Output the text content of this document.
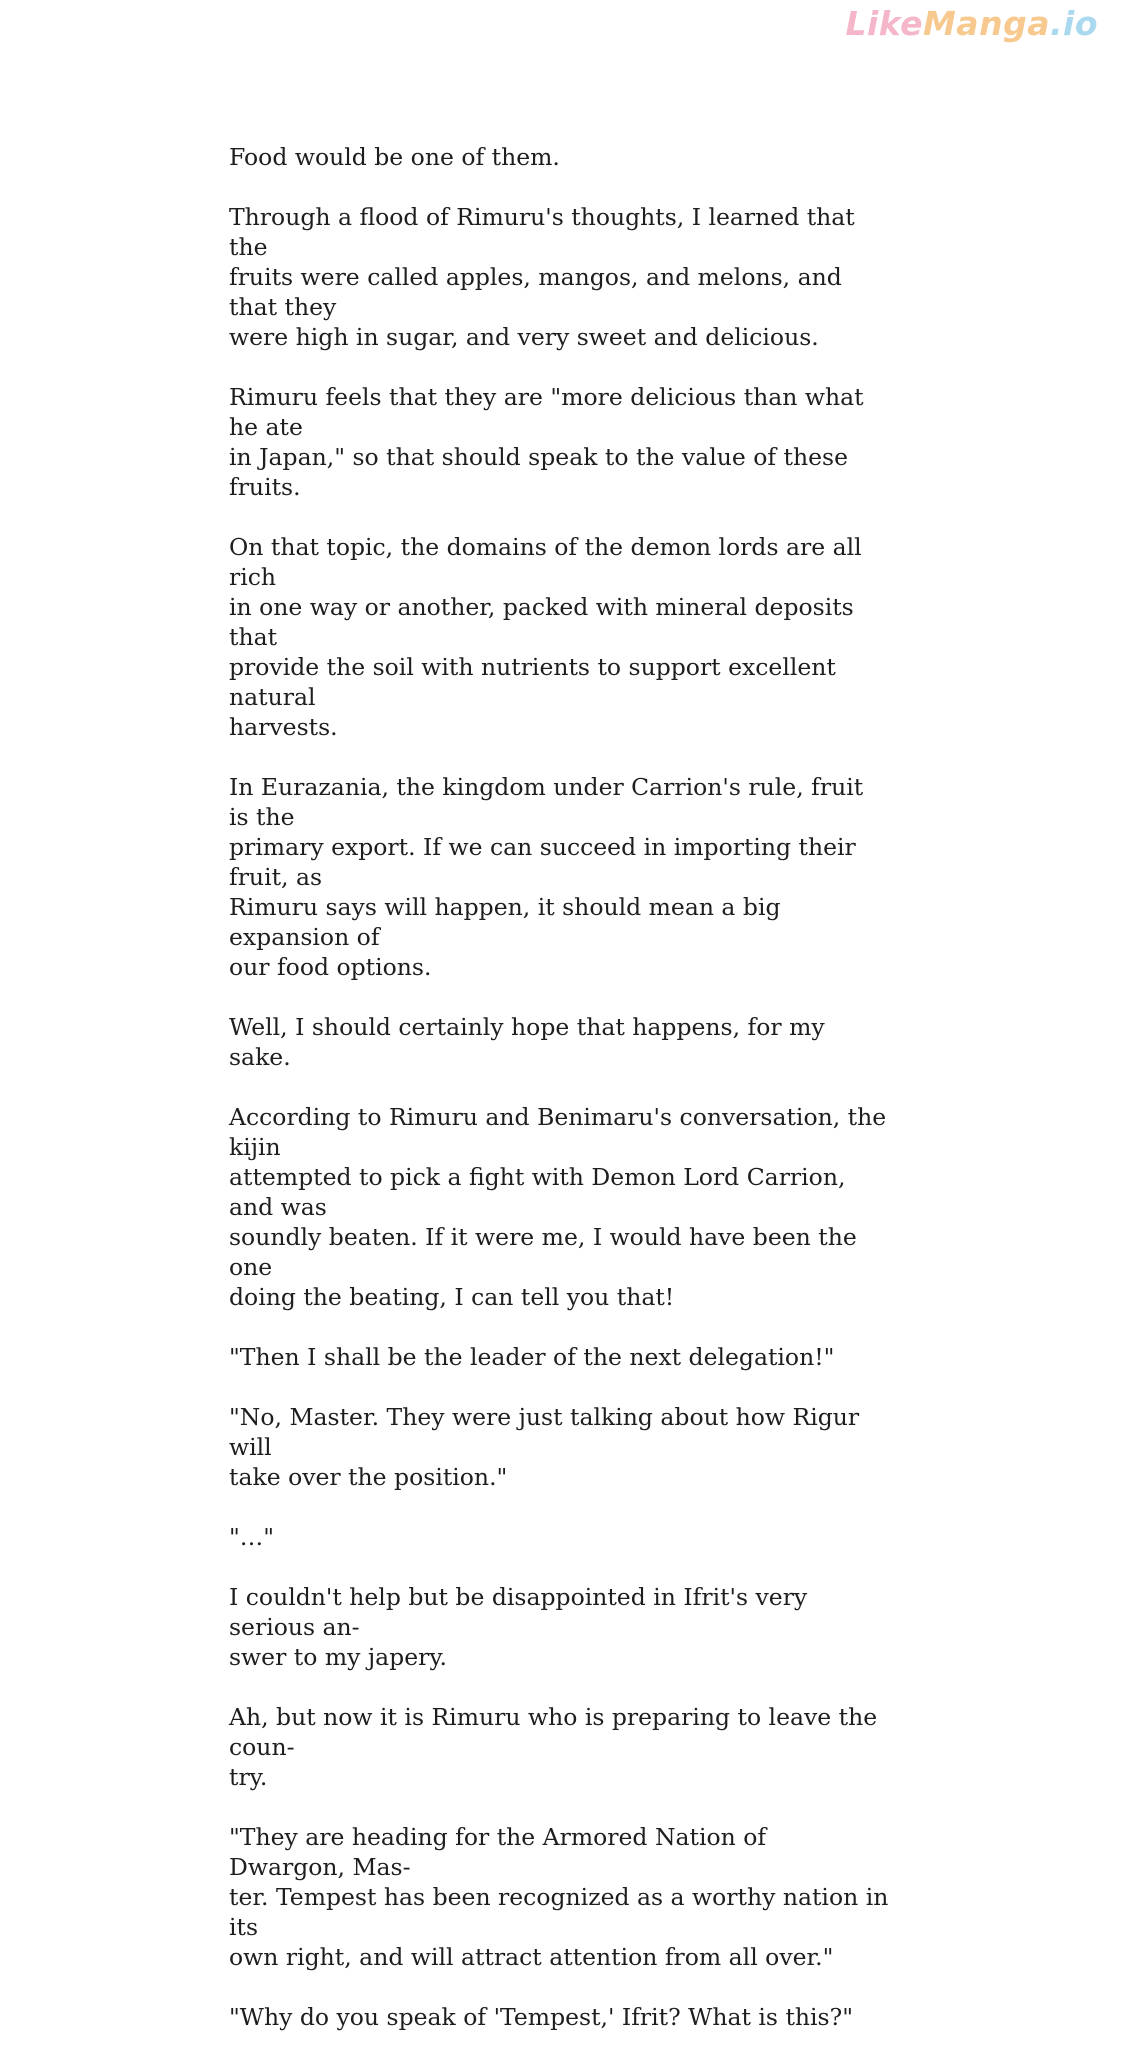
LikeManga.io

Food would be one of them.

Through a flood of Rimuru's thoughts, I learned that the
fruits were called apples, mangos, and melons, and that they
were high in sugar, and very sweet and delicious.

Rimuru feels that they are "more delicious than what he ate
in Japan," so that should speak to the value of these fruits.

On that topic, the domains of the demon lords are all rich
in one way or another, packed with mineral deposits that
provide the soil with nutrients to support excellent natural
harvests.

In Eurazania, the kingdom under Carrion's rule, fruit is the
primary export. If we can succeed in importing their fruit, as
Rimuru says will happen, it should mean a big expansion of
our food options.

Well, I should certainly hope that happens, for my sake.

According to Rimuru and Benimaru's conversation, the kijin
attempted to pick a fight with Demon Lord Carrion, and was
soundly beaten. If it were me, I would have been the one
doing the beating, I can tell you that!

"Then I shall be the leader of the next delegation!"

"No, Master. They were just talking about how Rigur will
take over the position."

"…"

I couldn't help but be disappointed in Ifrit's very serious an-
swer to my japery.

Ah, but now it is Rimuru who is preparing to leave the coun-
try.

"They are heading for the Armored Nation of Dwargon, Mas-
ter. Tempest has been recognized as a worthy nation in its
own right, and will attract attention from all over."

"Why do you speak of 'Tempest,' Ifrit? What is this?"
